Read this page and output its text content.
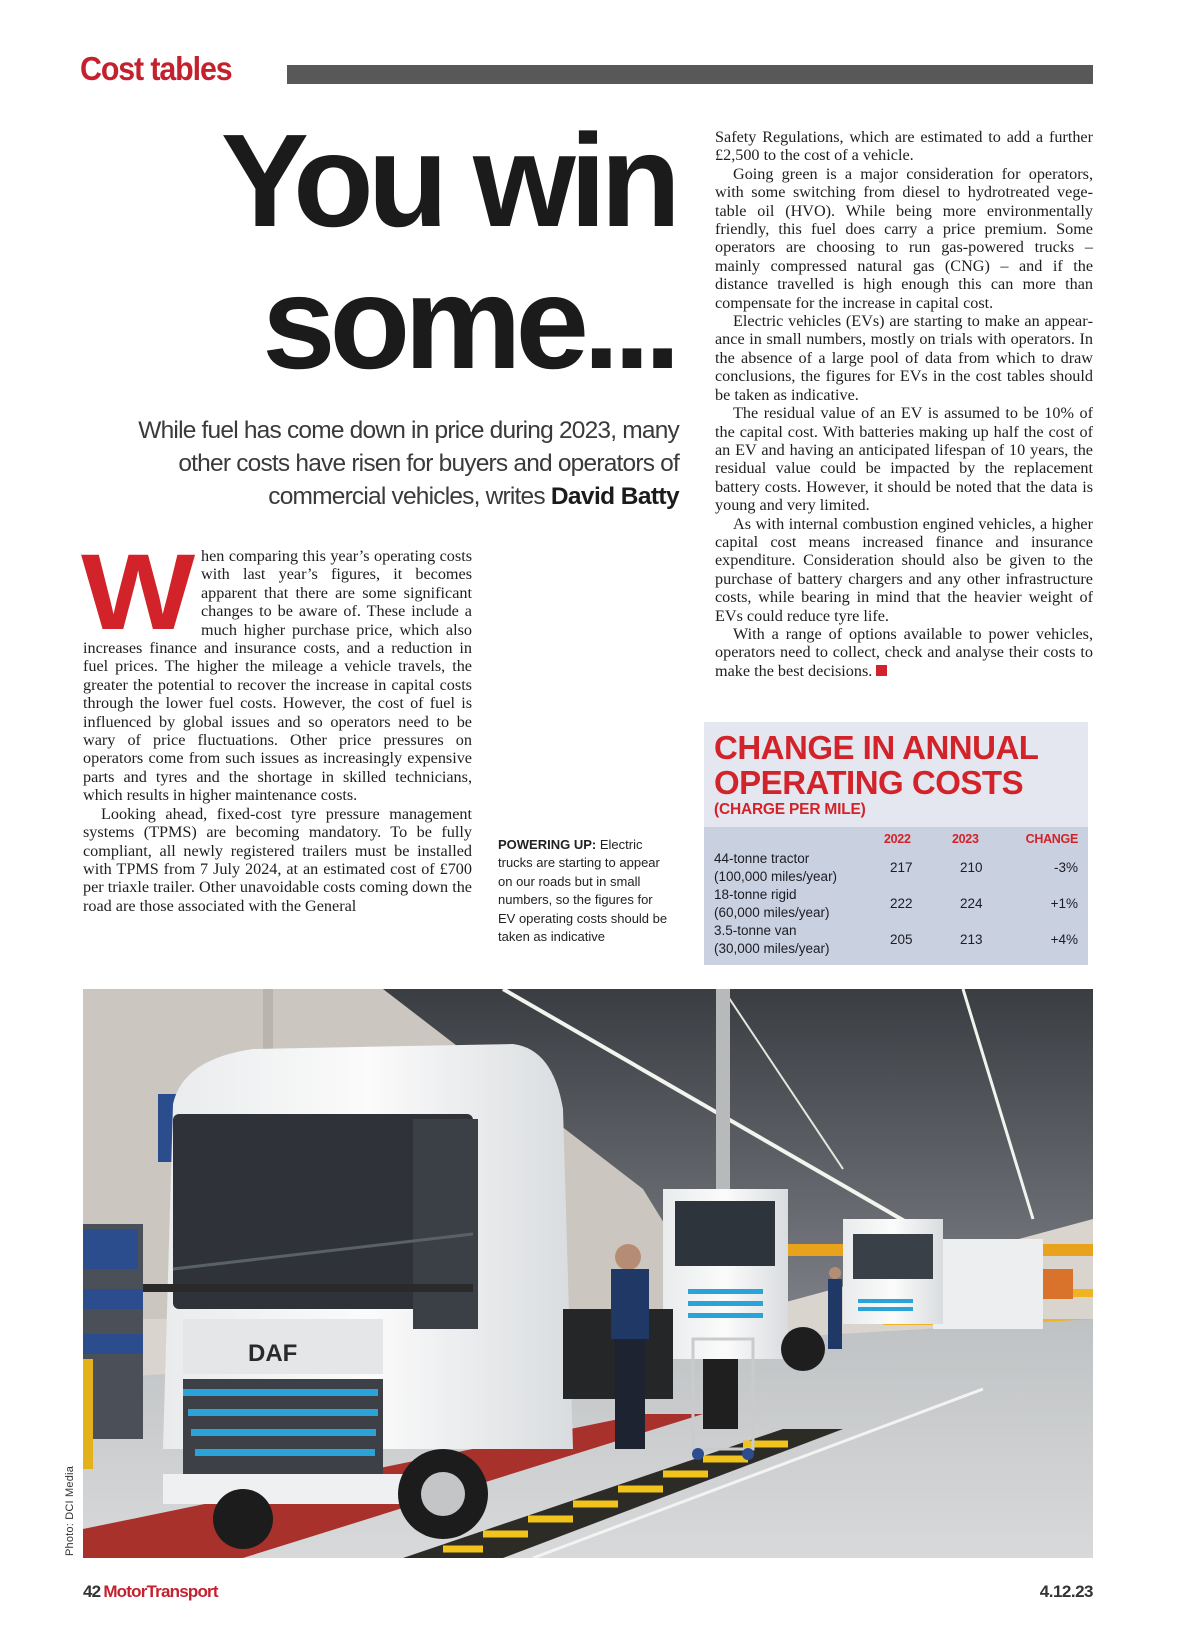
Cost tables
You win
some...
While fuel has come down in price during 2023, many
other costs have risen for buyers and operators of
commercial vehicles, writes David Batty

When comparing this year’s operating costs with last year’s figures, it becomes apparent that there are some significant changes to be aware of. These include a much higher purchase price, which also increases finance and insurance costs, and a reduction in fuel prices. The higher the mileage a vehicle travels, the greater the potential to recover the increase in capital costs through the lower fuel costs. However, the cost of fuel is influenced by global issues and so operators need to be wary of price fluctuations. Other price pressures on operators come from such issues as increasingly expensive parts and tyres and the shortage in skilled technicians, which results in higher maintenance costs.

Looking ahead, fixed-cost tyre pressure management systems (TPMS) are becoming mandatory. To be fully compliant, all newly registered trailers must be installed with TPMS from 7 July 2024, at an estimated cost of £700 per triaxle trailer. Other unavoidable costs coming down the road are those associated with the General

POWERING UP: Electric trucks are starting to appear on our roads but in small numbers, so the figures for EV operating costs should be taken as indicative

Safety Regulations, which are estimated to add a further £2,500 to the cost of a vehicle.

Going green is a major consideration for operators, with some switching from diesel to hydrotreated vegetable oil (HVO). While being more environmentally friendly, this fuel does carry a price premium. Some operators are choosing to run gas-powered trucks – mainly compressed natural gas (CNG) – and if the distance travelled is high enough this can more than compensate for the increase in capital cost.

Electric vehicles (EVs) are starting to make an appearance in small numbers, mostly on trials with operators. In the absence of a large pool of data from which to draw conclusions, the figures for EVs in the cost tables should be taken as indicative.

The residual value of an EV is assumed to be 10% of the capital cost. With batteries making up half the cost of an EV and having an anticipated lifespan of 10 years, the residual value could be impacted by the replacement battery costs. However, it should be noted that the data is young and very limited.

As with internal combustion engined vehicles, a higher capital cost means increased finance and insurance expenditure. Consideration should also be given to the purchase of battery chargers and any other infrastructure costs, while bearing in mind that the heavier weight of EVs could reduce tyre life.

With a range of options available to power vehicles, operators need to collect, check and analyse their costs to make the best decisions.

CHANGE IN ANNUAL
OPERATING COSTS
(CHARGE PER MILE)
2022	2023	CHANGE
44-tonne tractor
(100,000 miles/year)
217	210	-3%
18-tonne rigid
(60,000 miles/year)
222	224	+1%
3.5-tonne van
(30,000 miles/year)
205	213	+4%
DAF
Photo: DCI Media
42 MotorTransport	4.12.23
